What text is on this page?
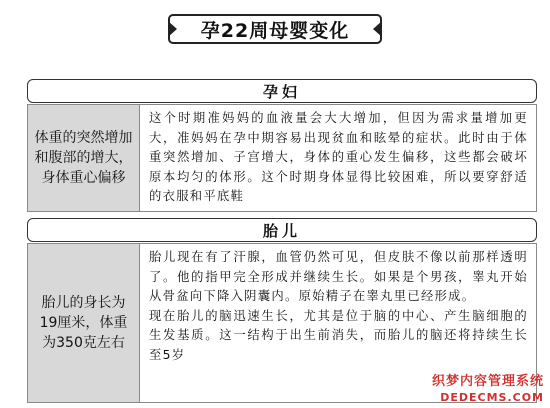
孕22周母婴变化
孕妇
体重的突然增加和腹部的增大，身体重心偏移

这个时期准妈妈的血液量会大大增加，但因为需求量增加更大，准妈妈在孕中期容易出现贫血和眩晕的症状。此时由于体重突然增加、子宫增大，身体的重心发生偏移，这些都会破坏原本均匀的体形。这个时期身体显得比较困难，所以要穿舒适的衣服和平底鞋

胎儿
胎儿的身长为19厘米，体重为350克左右

胎儿现在有了汗腺，血管仍然可见，但皮肤不像以前那样透明了。他的指甲完全形成并继续生长。如果是个男孩，睾丸开始从骨盆向下降入阴囊内。原始精子在睾丸里已经形成。

现在胎儿的脑迅速生长，尤其是位于脑的中心、产生脑细胞的生发基质。这一结构于出生前消失，而胎儿的脑还将持续生长至5岁

织梦内容管理系统
DEDECMS.COM
